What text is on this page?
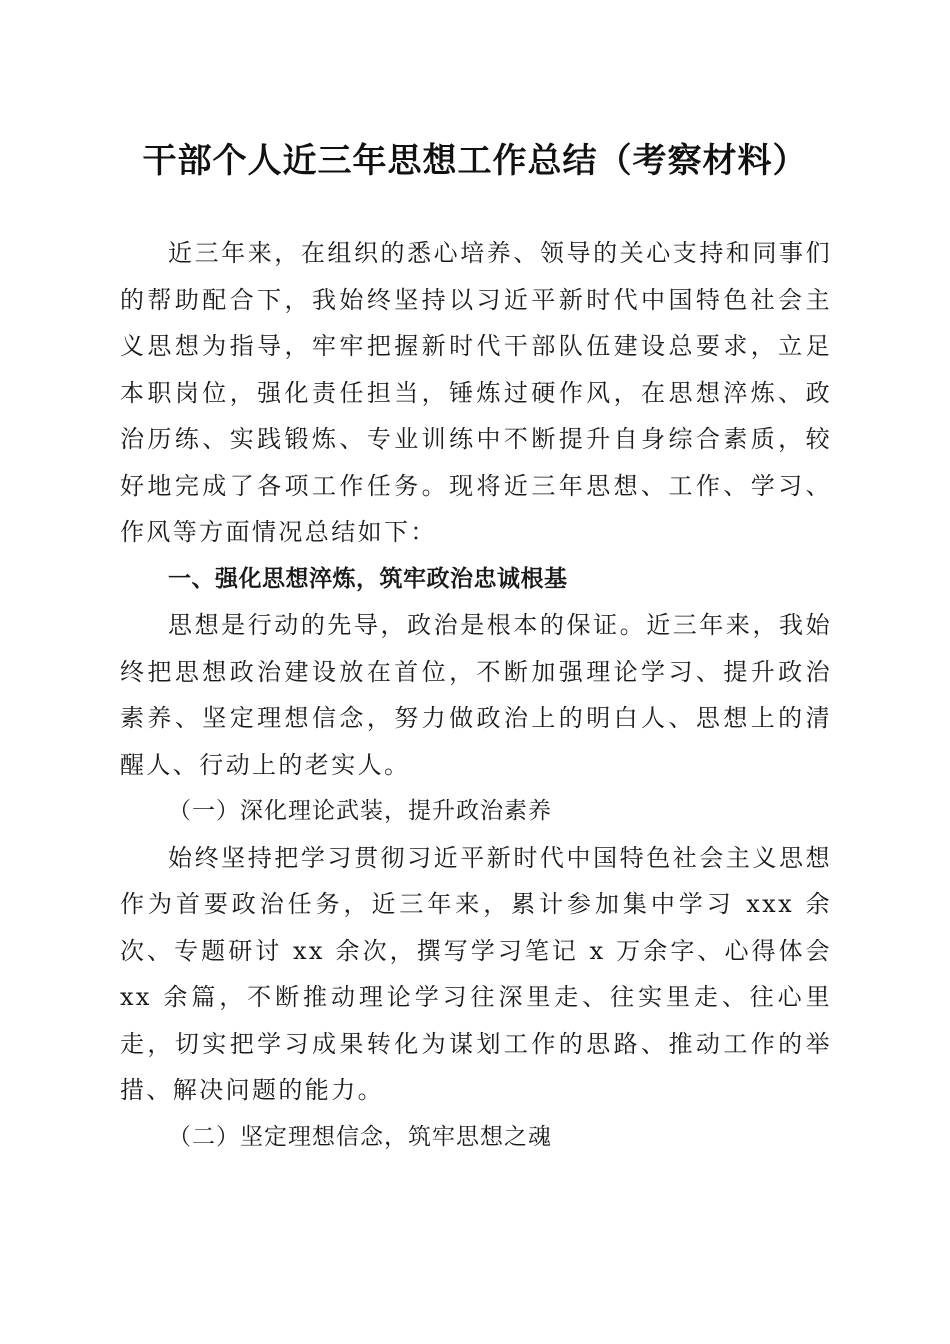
干部个人近三年思想工作总结（考察材料）

近三年来，在组织的悉心培养、领导的关心支持和同事们的帮助配合下，我始终坚持以习近平新时代中国特色社会主义思想为指导，牢牢把握新时代干部队伍建设总要求，立足本职岗位，强化责任担当，锤炼过硬作风，在思想淬炼、政治历练、实践锻炼、专业训练中不断提升自身综合素质，较好地完成了各项工作任务。现将近三年思想、工作、学习、作风等方面情况总结如下：

一、强化思想淬炼，筑牢政治忠诚根基

思想是行动的先导，政治是根本的保证。近三年来，我始终把思想政治建设放在首位，不断加强理论学习、提升政治素养、坚定理想信念，努力做政治上的明白人、思想上的清醒人、行动上的老实人。

（一）深化理论武装，提升政治素养

始终坚持把学习贯彻习近平新时代中国特色社会主义思想作为首要政治任务，近三年来，累计参加集中学习 xxx 余次、专题研讨 xx 余次，撰写学习笔记 x 万余字、心得体会 xx 余篇，不断推动理论学习往深里走、往实里走、往心里走，切实把学习成果转化为谋划工作的思路、推动工作的举措、解决问题的能力。

（二）坚定理想信念，筑牢思想之魂
